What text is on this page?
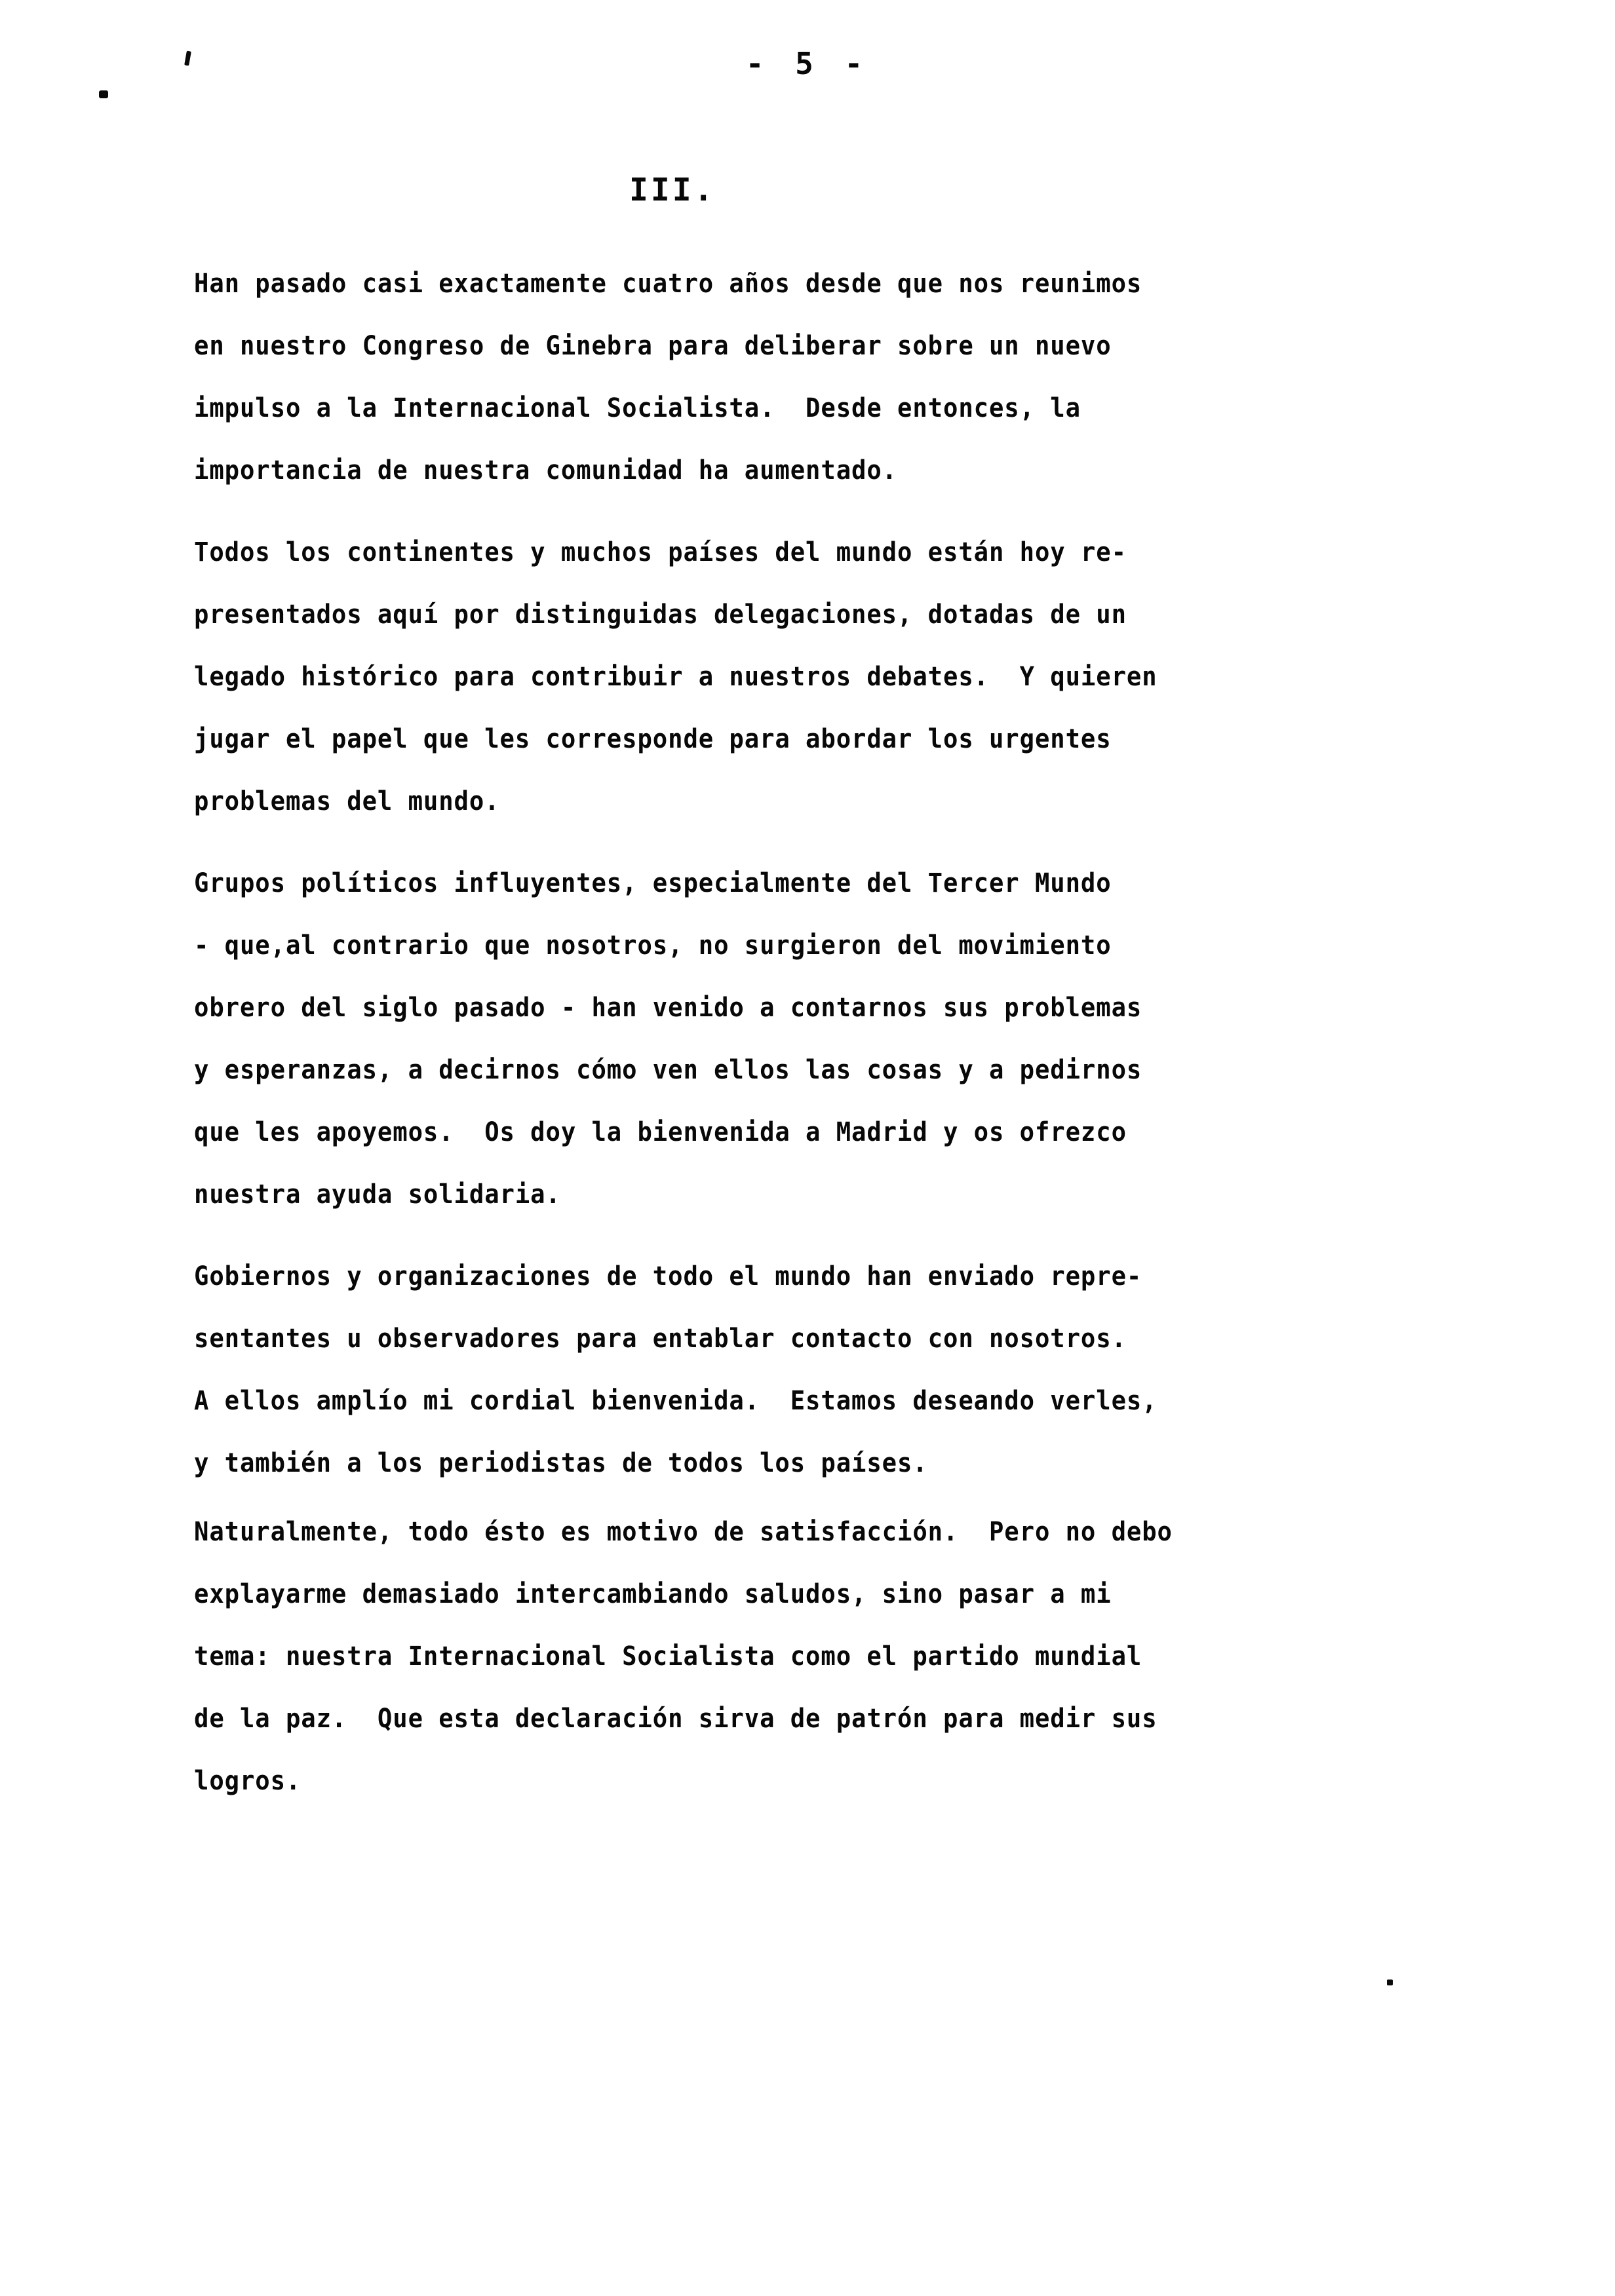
- 5 -
III.

Han pasado casi exactamente cuatro años desde que nos reunimos
en nuestro Congreso de Ginebra para deliberar sobre un nuevo
impulso a la Internacional Socialista.  Desde entonces, la
importancia de nuestra comunidad ha aumentado.

Todos los continentes y muchos países del mundo están hoy re-
presentados aquí por distinguidas delegaciones, dotadas de un
legado histórico para contribuir a nuestros debates.  Y quieren
jugar el papel que les corresponde para abordar los urgentes
problemas del mundo.

Grupos políticos influyentes, especialmente del Tercer Mundo
- que,al contrario que nosotros, no surgieron del movimiento
obrero del siglo pasado - han venido a contarnos sus problemas
y esperanzas, a decirnos cómo ven ellos las cosas y a pedirnos
que les apoyemos.  Os doy la bienvenida a Madrid y os ofrezco
nuestra ayuda solidaria.

Gobiernos y organizaciones de todo el mundo han enviado repre-
sentantes u observadores para entablar contacto con nosotros.
A ellos amplío mi cordial bienvenida.  Estamos deseando verles,
y también a los periodistas de todos los países.

Naturalmente, todo ésto es motivo de satisfacción.  Pero no debo
explayarme demasiado intercambiando saludos, sino pasar a mi
tema: nuestra Internacional Socialista como el partido mundial
de la paz.  Que esta declaración sirva de patrón para medir sus
logros.
